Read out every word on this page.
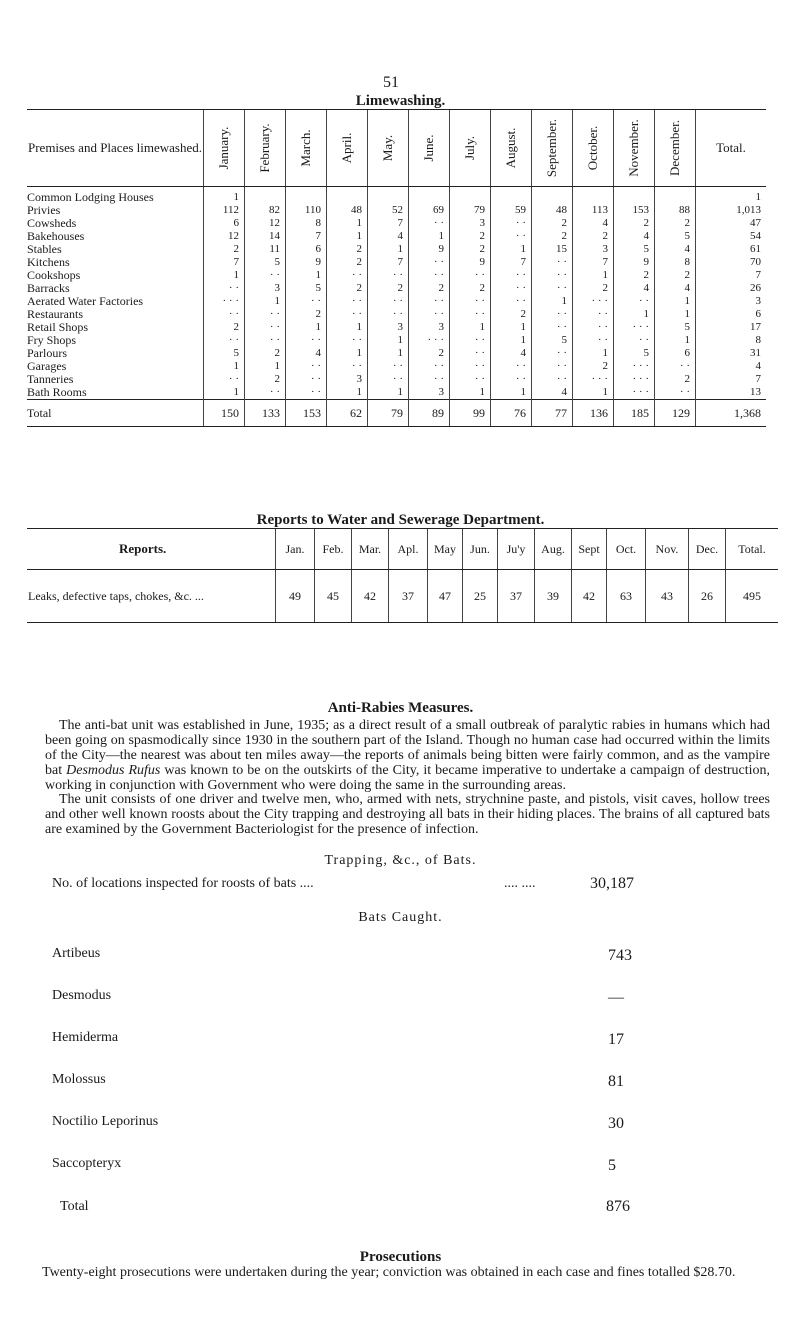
51
Limewashing.
Premises and Places limewashed.	January.	February.	March.	April.	May.	June.	July.	August.	September.	October.	November.	December.	Total.
Common Lodging Houses	1												1
Privies	112	82	110	48	52	69	79	59	48	113	153	88	1,013
Cowsheds	6	12	8	1	7	· ·	3	· ·	2	4	2	2	47
Bakehouses	12	14	7	1	4	1	2	· ·	2	2	4	5	54
Stables	2	11	6	2	1	9	2	1	15	3	5	4	61
Kitchens	7	5	9	2	7	· ·	9	7	· ·	7	9	8	70
Cookshops	1	· ·	1	· ·	· ·	· ·	· ·	· ·	· ·	1	2	2	7
Barracks	· ·	3	5	2	2	2	2	· ·	· ·	2	4	4	26
Aerated Water Factories	· · ·	1	· ·	· ·	· ·	· ·	· ·	· ·	1	· · ·	· ·	1	3
Restaurants	· ·	· ·	2	· ·	· ·	· ·	· ·	2	· ·	· ·	1	1	6
Retail Shops	2	· ·	1	1	3	3	1	1	· ·	· ·	· · ·	5	17
Fry Shops	· ·	· ·	· ·	· ·	1	· · ·	· ·	1	5	· ·	· ·	1	8
Parlours	5	2	4	1	1	2	· ·	4	· ·	1	5	6	31
Garages	1	1	· ·	· ·	· ·	· ·	· ·	· ·	· ·	2	· · ·	· ·	4
Tanneries	· ·	2	· ·	3	· ·	· ·	· ·	· ·	· ·	· · ·	· · ·	2	7
Bath Rooms	1	· ·	· ·	1	1	3	1	1	4	1	· · ·	· ·	13
Total	150	133	153	62	79	89	99	76	77	136	185	129	1,368
Reports to Water and Sewerage Department.
Reports.	Jan.	Feb.	Mar.	Apl.	May	Jun.	Ju'y	Aug.	Sept	Oct.	Nov.	Dec.	Total.
Leaks, defective taps, chokes, &c. ...	49	45	42	37	47	25	37	39	42	63	43	26	495
Anti-Rabies Measures.

 The anti-bat unit was established in June, 1935; as a direct result of a small outbreak of paralytic rabies in humans which had been going on spasmodically since 1930 in the southern part of the Island. Though no human case had occurred within the limits of the City—the nearest was about ten miles away—the reports of animals being bitten were fairly common, and as the vampire bat Desmodus Rufus was known to be on the outskirts of the City, it became imperative to undertake a campaign of destruction, working in conjunction with Government who were doing the same in the surrounding areas.

 The unit consists of one driver and twelve men, who, armed with nets, strychnine paste, and pistols, visit caves, hollow trees and other well known roosts about the City trapping and destroying all bats in their hiding places. The brains of all captured bats are examined by the Government Bacteriologist for the presence of infection.

Trapping, &c., of Bats.
No. of locations inspected for roosts of bats ....	.... ....	30,187
Bats Caught.
Artibeus	743
Desmodus	—
Hemiderma	17
Molossus	81
Noctilio Leporinus	30
Saccopteryx	5
Total	876
Prosecutions

 Twenty-eight prosecutions were undertaken during the year; conviction was obtained in each case and fines totalled $28.70.
